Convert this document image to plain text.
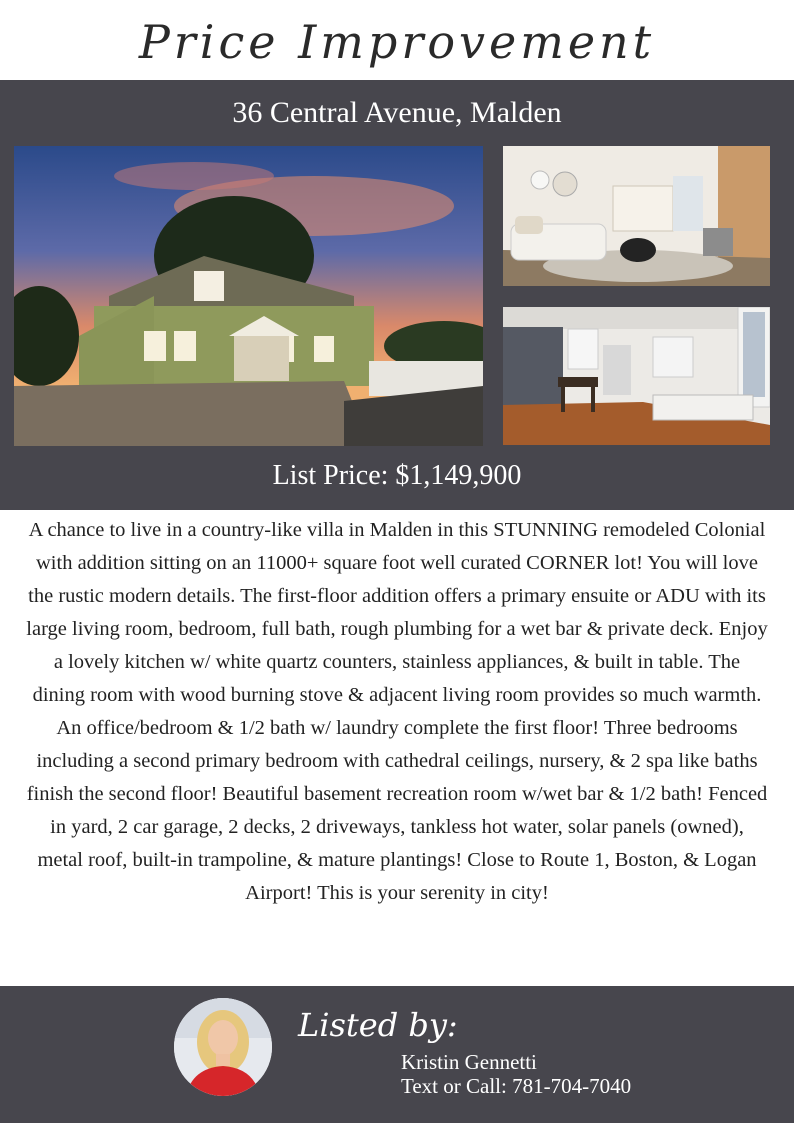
Price Improvement
36 Central Avenue, Malden
List Price: $1,149,900
A chance to live in a country-like villa in Malden in this STUNNING remodeled Colonial with addition sitting on an 11000+ square foot well curated CORNER lot! You will love the rustic modern details. The first-floor addition offers a primary ensuite or ADU with its large living room, bedroom, full bath, rough plumbing for a wet bar & private deck. Enjoy a lovely kitchen w/ white quartz counters, stainless appliances, & built in table. The dining room with wood burning stove & adjacent living room provides so much warmth. An office/bedroom & 1/2 bath w/ laundry complete the first floor! Three bedrooms including a second primary bedroom with cathedral ceilings, nursery, & 2 spa like baths finish the second floor! Beautiful basement recreation room w/wet bar & 1/2 bath! Fenced in yard, 2 car garage, 2 decks, 2 driveways, tankless hot water, solar panels (owned), metal roof, built-in trampoline, & mature plantings! Close to Route 1, Boston, & Logan Airport! This is your serenity in city!
Listed by:
Kristin Gennetti
Text or Call: 781-704-7040
